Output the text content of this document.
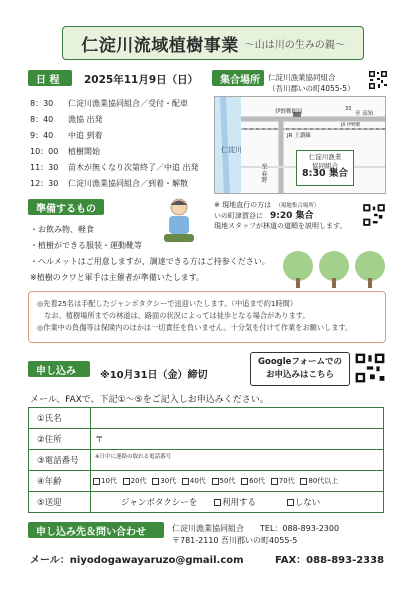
仁淀川流域植樹事業 ～山は川の生みの親～
日 程	2025年11月9日（日）
8：30 仁淀川漁業協同組合／受付・配車
8：40 漁協 出発
9：40 中追 到着
10：00 植樹開始
11：30 苗木が無くなり次第終了／中追 出発
12：30 仁淀川漁業協同組合／到着・解散
集合場所	仁淀川漁業協同組合
（吾川郡いの町4055-5）
伊野郵便局
JR 土讃線
至 高知
JR 伊野駅
33
仁淀川
至 春野
仁淀川漁業
協同組合
8:30 集合
※ 現地直行の方は　 （現地集合場所）
いの町津賀谷に　 9:20 集合
現地スタッフが林道の道順を説明します。
準備するもの
・お飲み物、軽食
・植樹ができる服装・運動靴等
・ヘルメットはご用意しますが、調達できる方はご持参ください。
※植樹のクワと軍手は主催者が準備いたします。
◎先着25名は手配したジャンボタクシーで送迎いたします。（中追まで約1時間）
　なお、植樹場所までの林道は、路面の状況によっては徒歩となる場合があります。
◎作業中の負傷等は保険内のほかは一切責任を負いません。十分気を付けて作業をお願いします。
申し込み	※10月31日（金）締切
Googleフォームでの
お申込みはこちら
メール、FAXで、下記①～⑤をご記入しお申込みください。
①氏名	
②住所	〒
③電話番号	※日中に連絡の取れる電話番号

④年齢	10代 20代 30代 40代 50代 60代 70代 80代以上
⑤送迎	ジャンボタクシーを 利用する しない
申し込み先＆問い合わせ	仁淀川漁業協同組合　　 TEL：088-893-2300
〒781-2110 吾川郡いの町4055-5
メール：niyodogawayaruzo@gmail.com	FAX：088-893-2338
